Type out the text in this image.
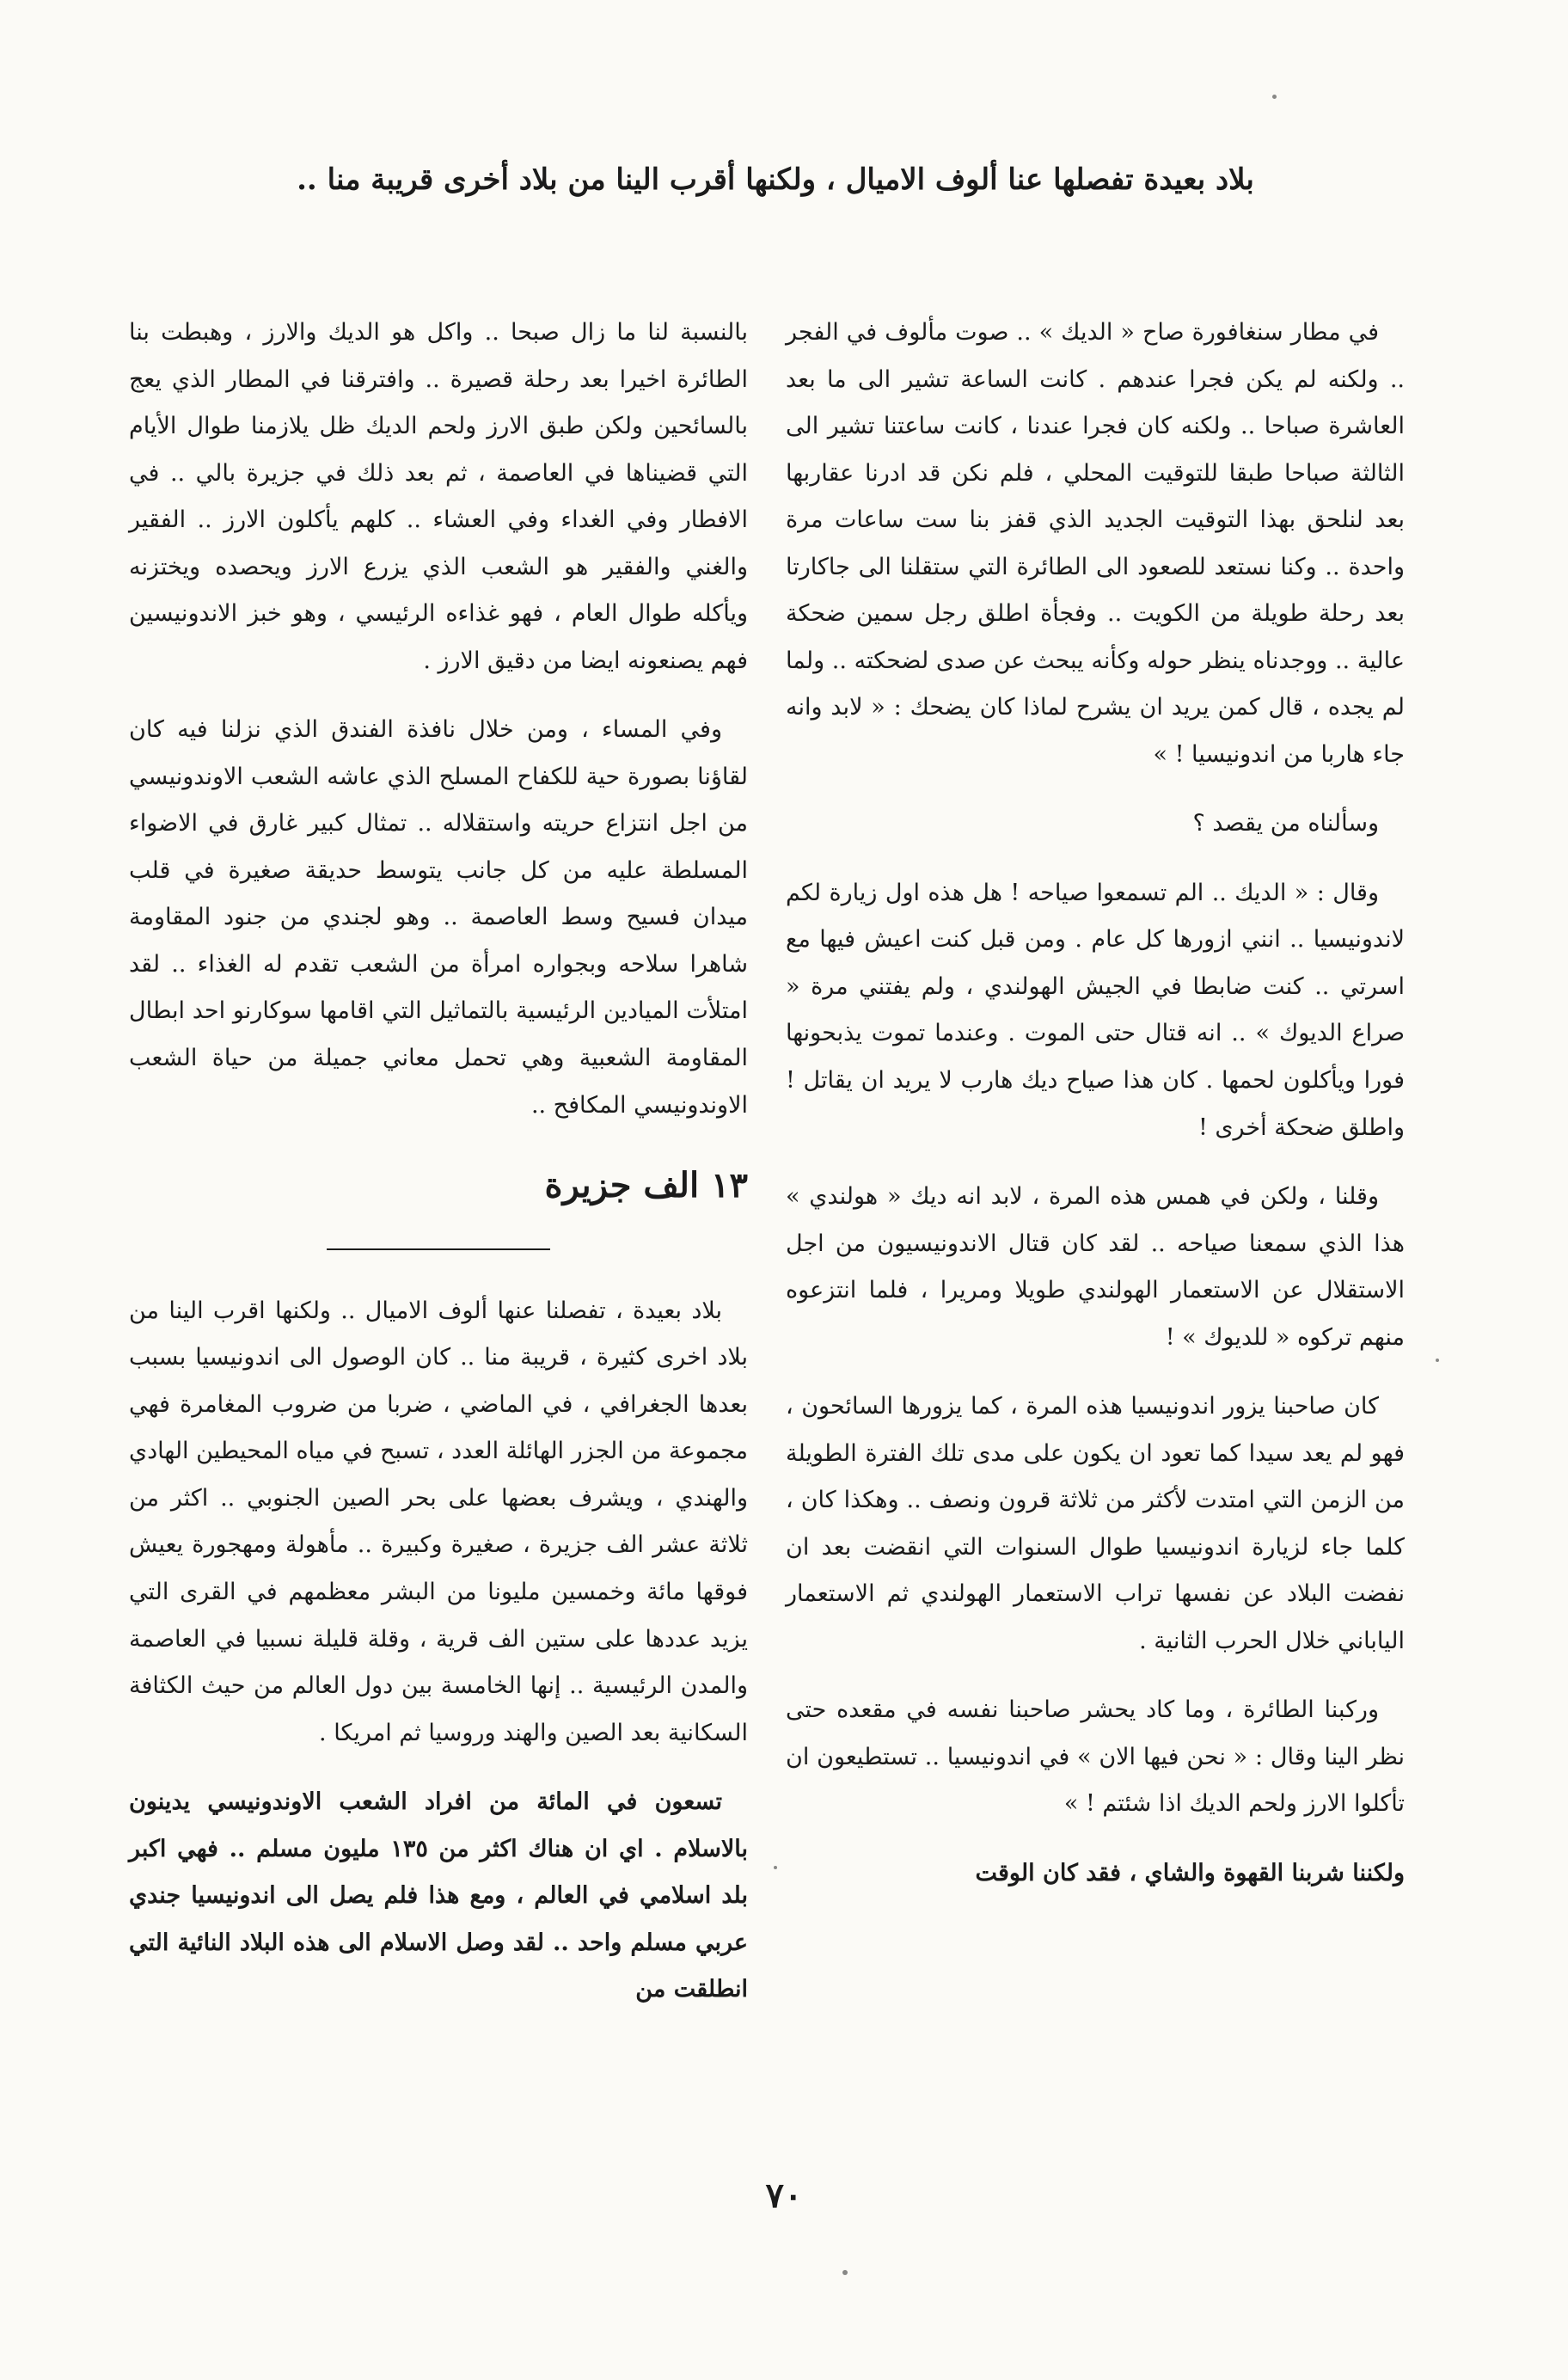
بلاد بعيدة تفصلها عنا ألوف الاميال ، ولكنها أقرب الينا من بلاد أخرى قريبة منا ..

في مطار سنغافورة صاح « الديك » .. صوت مألوف في الفجر .. ولكنه لم يكن فجرا عندهم . كانت الساعة تشير الى ما بعد العاشرة صباحا .. ولكنه كان فجرا عندنا ، كانت ساعتنا تشير الى الثالثة صباحا طبقا للتوقيت المحلي ، فلم نكن قد ادرنا عقاربها بعد لنلحق بهذا التوقيت الجديد الذي قفز بنا ست ساعات مرة واحدة .. وكنا نستعد للصعود الى الطائرة التي ستقلنا الى جاكارتا بعد رحلة طويلة من الكويت .. وفجأة اطلق رجل سمين ضحكة عالية .. ووجدناه ينظر حوله وكأنه يبحث عن صدى لضحكته .. ولما لم يجده ، قال كمن يريد ان يشرح لماذا كان يضحك : « لابد وانه جاء هاربا من اندونيسيا ! »

وسألناه من يقصد ؟

وقال : « الديك .. الم تسمعوا صياحه ! هل هذه اول زيارة لكم لاندونيسيا .. انني ازورها كل عام . ومن قبل كنت اعيش فيها مع اسرتي .. كنت ضابطا في الجيش الهولندي ، ولم يفتني مرة « صراع الديوك » .. انه قتال حتى الموت . وعندما تموت يذبحونها فورا ويأكلون لحمها . كان هذا صياح ديك هارب لا يريد ان يقاتل ! واطلق ضحكة أخرى !

وقلنا ، ولكن في همس هذه المرة ، لابد انه ديك « هولندي » هذا الذي سمعنا صياحه .. لقد كان قتال الاندونيسيون من اجل الاستقلال عن الاستعمار الهولندي طويلا ومريرا ، فلما انتزعوه منهم تركوه « للديوك » !

كان صاحبنا يزور اندونيسيا هذه المرة ، كما يزورها السائحون ، فهو لم يعد سيدا كما تعود ان يكون على مدى تلك الفترة الطويلة من الزمن التي امتدت لأكثر من ثلاثة قرون ونصف .. وهكذا كان ، كلما جاء لزيارة اندونيسيا طوال السنوات التي انقضت بعد ان نفضت البلاد عن نفسها تراب الاستعمار الهولندي ثم الاستعمار الياباني خلال الحرب الثانية .

وركبنا الطائرة ، وما كاد يحشر صاحبنا نفسه في مقعده حتى نظر الينا وقال : « نحن فيها الان » في اندونيسيا .. تستطيعون ان تأكلوا الارز ولحم الديك اذا شئتم ! »

ولكننا شربنا القهوة والشاي ، فقد كان الوقت

بالنسبة لنا ما زال صبحا .. واكل هو الديك والارز ، وهبطت بنا الطائرة اخيرا بعد رحلة قصيرة .. وافترقنا في المطار الذي يعج بالسائحين ولكن طبق الارز ولحم الديك ظل يلازمنا طوال الأيام التي قضيناها في العاصمة ، ثم بعد ذلك في جزيرة بالي .. في الافطار وفي الغداء وفي العشاء .. كلهم يأكلون الارز .. الفقير والغني والفقير هو الشعب الذي يزرع الارز ويحصده ويختزنه ويأكله طوال العام ، فهو غذاءه الرئيسي ، وهو خبز الاندونيسين فهم يصنعونه ايضا من دقيق الارز .

وفي المساء ، ومن خلال نافذة الفندق الذي نزلنا فيه كان لقاؤنا بصورة حية للكفاح المسلح الذي عاشه الشعب الاوندونيسي من اجل انتزاع حريته واستقلاله .. تمثال كبير غارق في الاضواء المسلطة عليه من كل جانب يتوسط حديقة صغيرة في قلب ميدان فسيح وسط العاصمة .. وهو لجندي من جنود المقاومة شاهرا سلاحه وبجواره امرأة من الشعب تقدم له الغذاء .. لقد امتلأت الميادين الرئيسية بالتماثيل التي اقامها سوكارنو احد ابطال المقاومة الشعبية وهي تحمل معاني جميلة من حياة الشعب الاوندونيسي المكافح ..

١٣ الف جزيرة

بلاد بعيدة ، تفصلنا عنها ألوف الاميال .. ولكنها اقرب الينا من بلاد اخرى كثيرة ، قريبة منا .. كان الوصول الى اندونيسيا بسبب بعدها الجغرافي ، في الماضي ، ضربا من ضروب المغامرة فهي مجموعة من الجزر الهائلة العدد ، تسبح في مياه المحيطين الهادي والهندي ، ويشرف بعضها على بحر الصين الجنوبي .. اكثر من ثلاثة عشر الف جزيرة ، صغيرة وكبيرة .. مأهولة ومهجورة يعيش فوقها مائة وخمسين مليونا من البشر معظمهم في القرى التي يزيد عددها على ستين الف قرية ، وقلة قليلة نسبيا في العاصمة والمدن الرئيسية .. إنها الخامسة بين دول العالم من حيث الكثافة السكانية بعد الصين والهند وروسيا ثم امريكا .

تسعون في المائة من افراد الشعب الاوندونيسي يدينون بالاسلام . اي ان هناك اكثر من ١٣٥ مليون مسلم .. فهي اكبر بلد اسلامي في العالم ، ومع هذا فلم يصل الى اندونيسيا جندي عربي مسلم واحد .. لقد وصل الاسلام الى هذه البلاد النائية التي انطلقت من

٧٠
